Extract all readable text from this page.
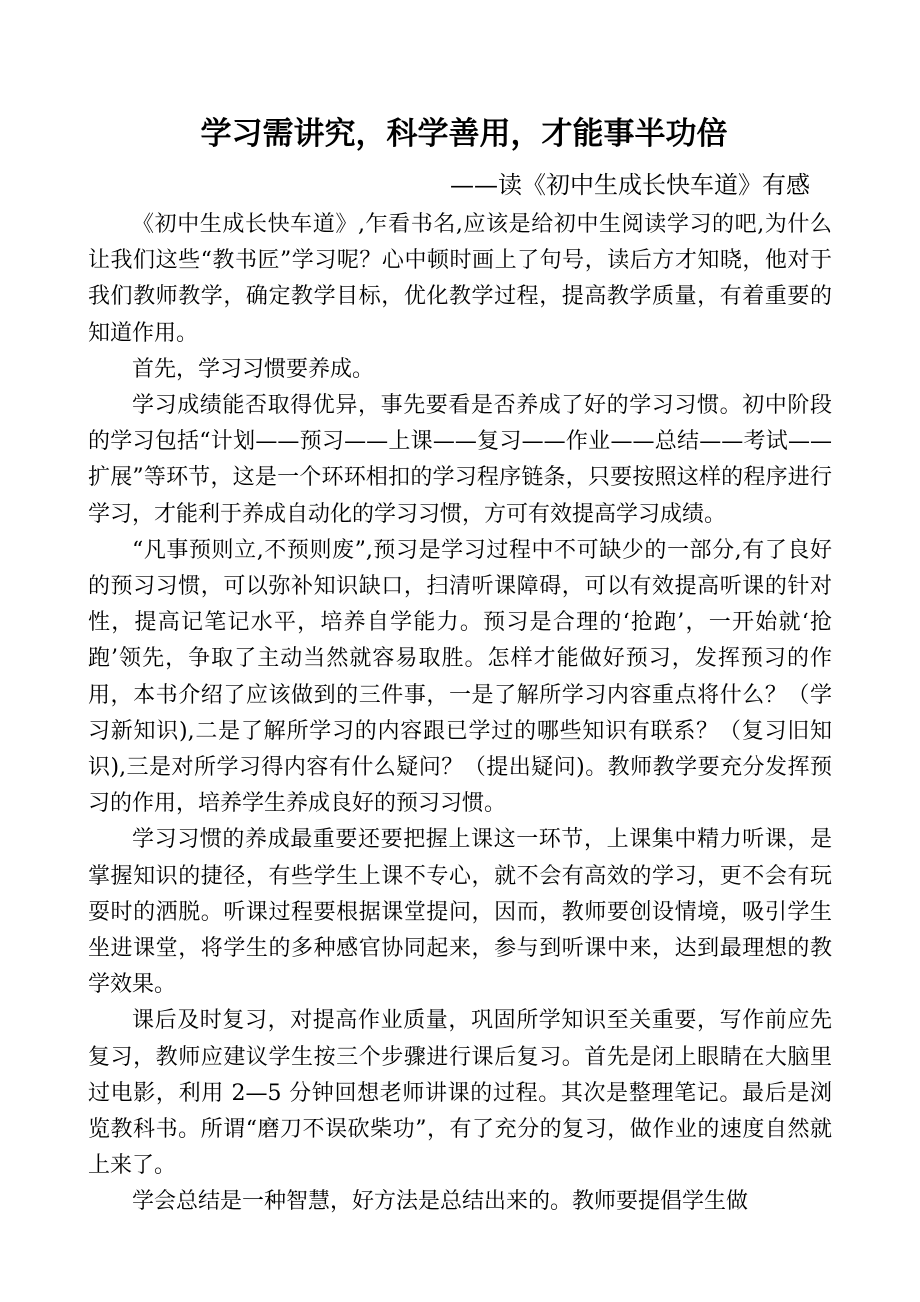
学习需讲究，科学善用，才能事半功倍
——读《初中生成长快车道》有感

《初中生成长快车道》,乍看书名,应该是给初中生阅读学习的吧,为什么让我们这些“教书匠”学习呢？心中顿时画上了句号，读后方才知晓，他对于我们教师教学，确定教学目标，优化教学过程，提高教学质量，有着重要的知道作用。

首先，学习习惯要养成。

学习成绩能否取得优异，事先要看是否养成了好的学习习惯。初中阶段的学习包括“计划——预习——上课——复习——作业——总结——考试——扩展”等环节，这是一个环环相扣的学习程序链条，只要按照这样的程序进行学习，才能利于养成自动化的学习习惯，方可有效提高学习成绩。

“凡事预则立,不预则废”,预习是学习过程中不可缺少的一部分,有了良好的预习习惯，可以弥补知识缺口，扫清听课障碍，可以有效提高听课的针对性，提高记笔记水平，培养自学能力。预习是合理的‘抢跑’，一开始就‘抢跑’领先，争取了主动当然就容易取胜。怎样才能做好预习，发挥预习的作用，本书介绍了应该做到的三件事，一是了解所学习内容重点将什么？（学习新知识),二是了解所学习的内容跟已学过的哪些知识有联系？（复习旧知识),三是对所学习得内容有什么疑问？（提出疑问)。教师教学要充分发挥预习的作用，培养学生养成良好的预习习惯。

学习习惯的养成最重要还要把握上课这一环节，上课集中精力听课，是掌握知识的捷径，有些学生上课不专心，就不会有高效的学习，更不会有玩耍时的洒脱。听课过程要根据课堂提问，因而，教师要创设情境，吸引学生坐进课堂，将学生的多种感官协同起来，参与到听课中来，达到最理想的教学效果。

课后及时复习，对提高作业质量，巩固所学知识至关重要，写作前应先复习，教师应建议学生按三个步骤进行课后复习。首先是闭上眼睛在大脑里过电影，利用 2—5 分钟回想老师讲课的过程。其次是整理笔记。最后是浏览教科书。所谓“磨刀不误砍柴功”，有了充分的复习，做作业的速度自然就上来了。

学会总结是一种智慧，好方法是总结出来的。教师要提倡学生做
